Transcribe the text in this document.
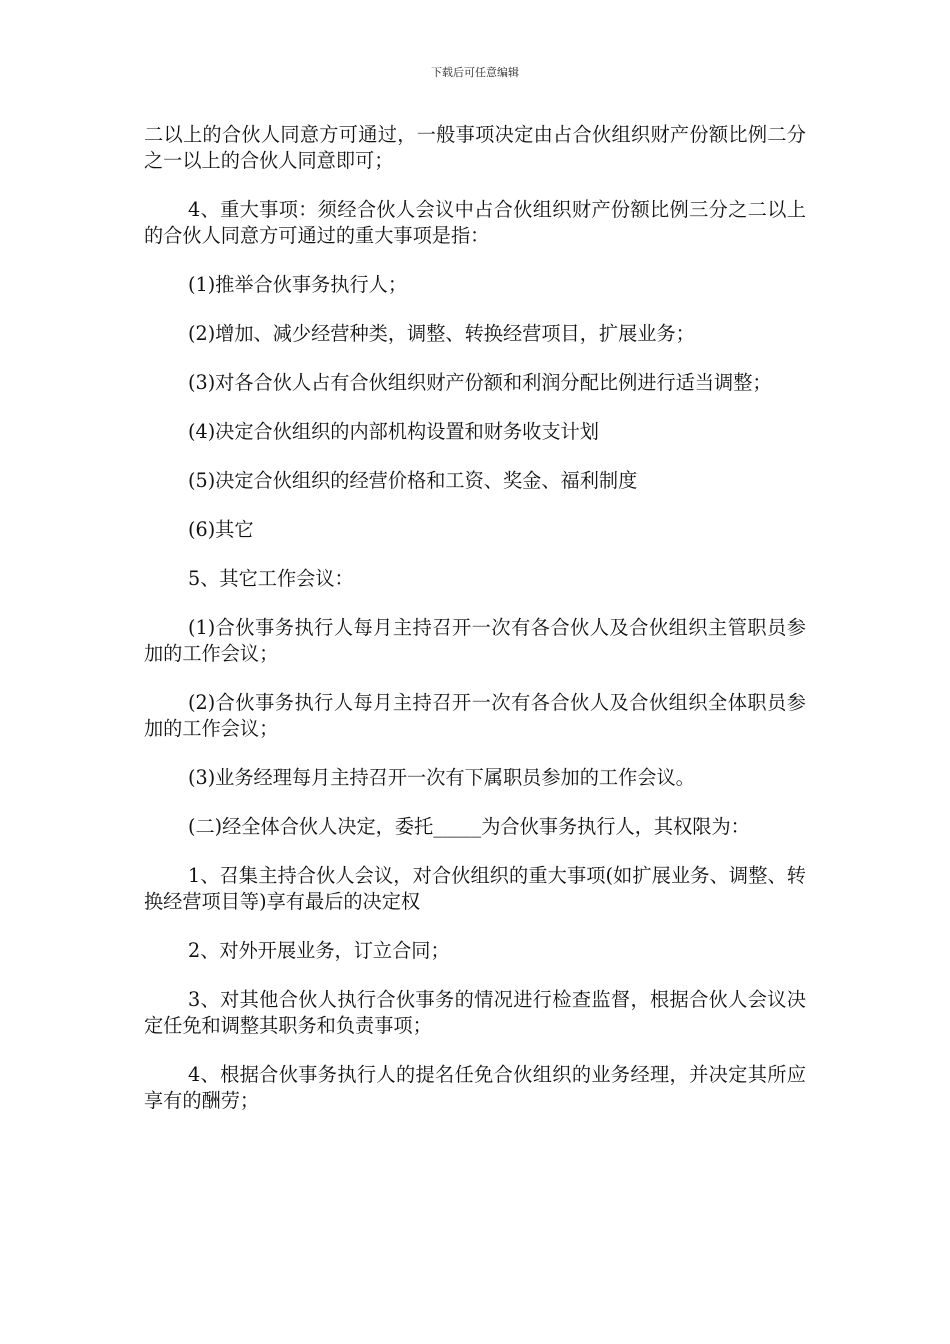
下载后可任意编辑

二以上的合伙人同意方可通过，一般事项决定由占合伙组织财产份额比例二分之一以上的合伙人同意即可；

4、重大事项：须经合伙人会议中占合伙组织财产份额比例三分之二以上的合伙人同意方可通过的重大事项是指：

(1)推举合伙事务执行人；

(2)增加、减少经营种类，调整、转换经营项目，扩展业务；

(3)对各合伙人占有合伙组织财产份额和利润分配比例进行适当调整；

(4)决定合伙组织的内部机构设置和财务收支计划

(5)决定合伙组织的经营价格和工资、奖金、福利制度

(6)其它

5、其它工作会议：

(1)合伙事务执行人每月主持召开一次有各合伙人及合伙组织主管职员参加的工作会议；

(2)合伙事务执行人每月主持召开一次有各合伙人及合伙组织全体职员参加的工作会议；

(3)业务经理每月主持召开一次有下属职员参加的工作会议。

(二)经全体合伙人决定，委托_____为合伙事务执行人，其权限为：

1、召集主持合伙人会议，对合伙组织的重大事项(如扩展业务、调整、转换经营项目等)享有最后的决定权

2、对外开展业务，订立合同；

3、对其他合伙人执行合伙事务的情况进行检查监督，根据合伙人会议决定任免和调整其职务和负责事项；

4、根据合伙事务执行人的提名任免合伙组织的业务经理，并决定其所应享有的酬劳；
